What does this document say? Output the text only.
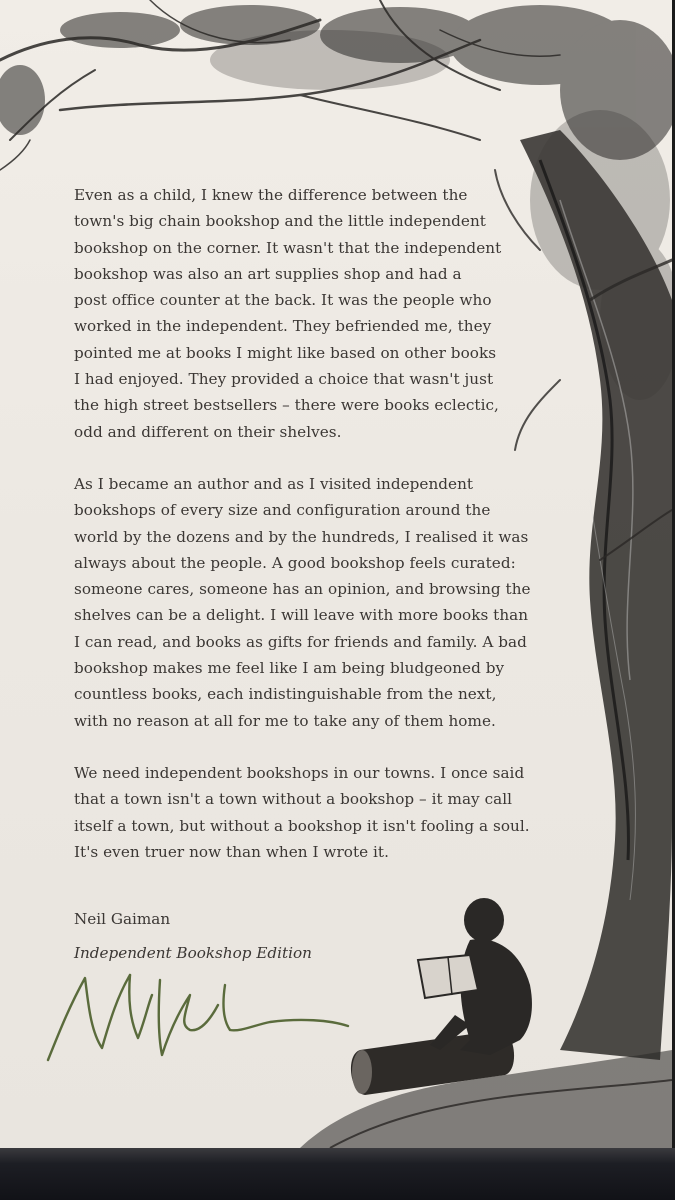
Even as a child, I knew the difference between the
town's big chain bookshop and the little independent
bookshop on the corner. It wasn't that the independent
bookshop was also an art supplies shop and had a
post office counter at the back. It was the people who
worked in the independent. They befriended me, they
pointed me at books I might like based on other books
I had enjoyed. They provided a choice that wasn't just
the high street bestsellers – there were books eclectic,
odd and different on their shelves.

As I became an author and as I visited independent
bookshops of every size and configuration around the
world by the dozens and by the hundreds, I realised it was
always about the people. A good bookshop feels curated:
someone cares, someone has an opinion, and browsing the
shelves can be a delight. I will leave with more books than
I can read, and books as gifts for friends and family. A bad
bookshop makes me feel like I am being bludgeoned by
countless books, each indistinguishable from the next,
with no reason at all for me to take any of them home.

We need independent bookshops in our towns. I once said
that a town isn't a town without a bookshop – it may call
itself a town, but without a bookshop it isn't fooling a soul.
It's even truer now than when I wrote it.

Neil Gaiman
Independent Bookshop Edition
